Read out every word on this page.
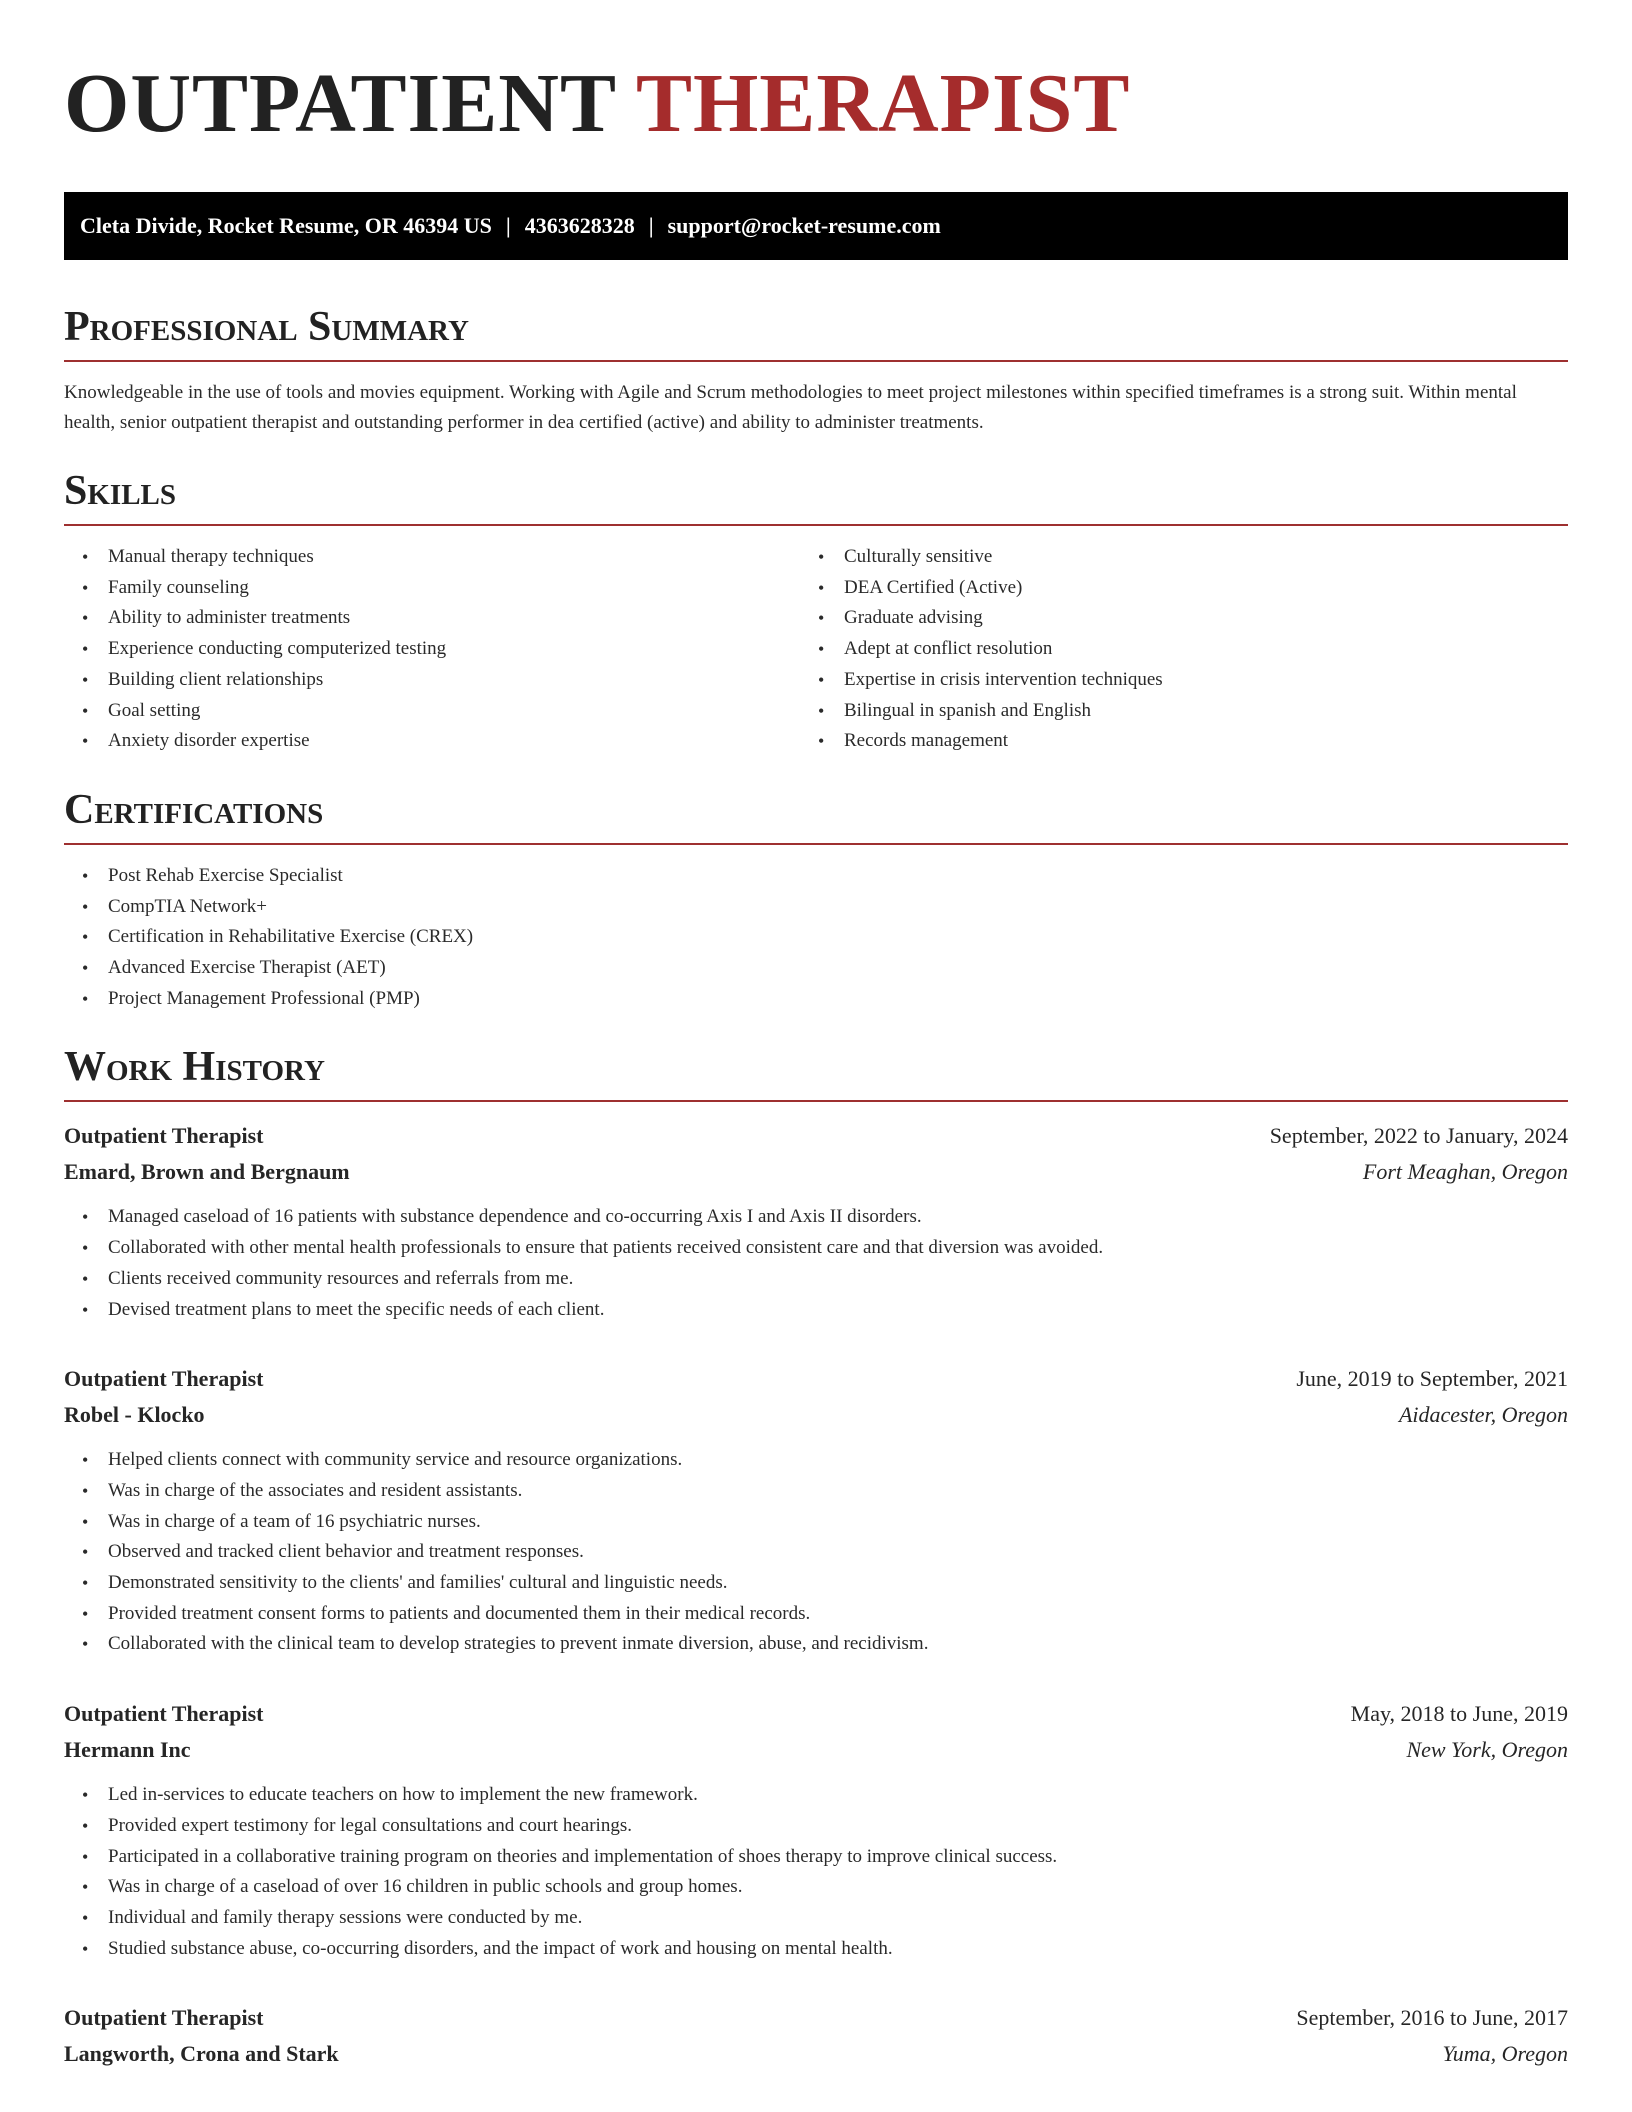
OUTPATIENT THERAPIST
Cleta Divide, Rocket Resume, OR 46394 US | 4363628328 | support@rocket-resume.com
Professional Summary

Knowledgeable in the use of tools and movies equipment. Working with Agile and Scrum methodologies to meet project milestones within specified timeframes is a strong suit. Within mental health, senior outpatient therapist and outstanding performer in dea certified (active) and ability to administer treatments.

Skills
• Manual therapy techniques
• Family counseling
• Ability to administer treatments
• Experience conducting computerized testing
• Building client relationships
• Goal setting
• Anxiety disorder expertise
• Culturally sensitive
• DEA Certified (Active)
• Graduate advising
• Adept at conflict resolution
• Expertise in crisis intervention techniques
• Bilingual in spanish and English
• Records management
Certifications
• Post Rehab Exercise Specialist
• CompTIA Network+
• Certification in Rehabilitative Exercise (CREX)
• Advanced Exercise Therapist (AET)
• Project Management Professional (PMP)
Work History
Outpatient Therapist	September, 2022 to January, 2024
Emard, Brown and Bergnaum	Fort Meaghan, Oregon
• Managed caseload of 16 patients with substance dependence and co-occurring Axis I and Axis II disorders.
• Collaborated with other mental health professionals to ensure that patients received consistent care and that diversion was avoided.
• Clients received community resources and referrals from me.
• Devised treatment plans to meet the specific needs of each client.
Outpatient Therapist	June, 2019 to September, 2021
Robel - Klocko	Aidacester, Oregon
• Helped clients connect with community service and resource organizations.
• Was in charge of the associates and resident assistants.
• Was in charge of a team of 16 psychiatric nurses.
• Observed and tracked client behavior and treatment responses.
• Demonstrated sensitivity to the clients' and families' cultural and linguistic needs.
• Provided treatment consent forms to patients and documented them in their medical records.
• Collaborated with the clinical team to develop strategies to prevent inmate diversion, abuse, and recidivism.
Outpatient Therapist	May, 2018 to June, 2019
Hermann Inc	New York, Oregon
• Led in-services to educate teachers on how to implement the new framework.
• Provided expert testimony for legal consultations and court hearings.
• Participated in a collaborative training program on theories and implementation of shoes therapy to improve clinical success.
• Was in charge of a caseload of over 16 children in public schools and group homes.
• Individual and family therapy sessions were conducted by me.
• Studied substance abuse, co-occurring disorders, and the impact of work and housing on mental health.
Outpatient Therapist	September, 2016 to June, 2017
Langworth, Crona and Stark	Yuma, Oregon
